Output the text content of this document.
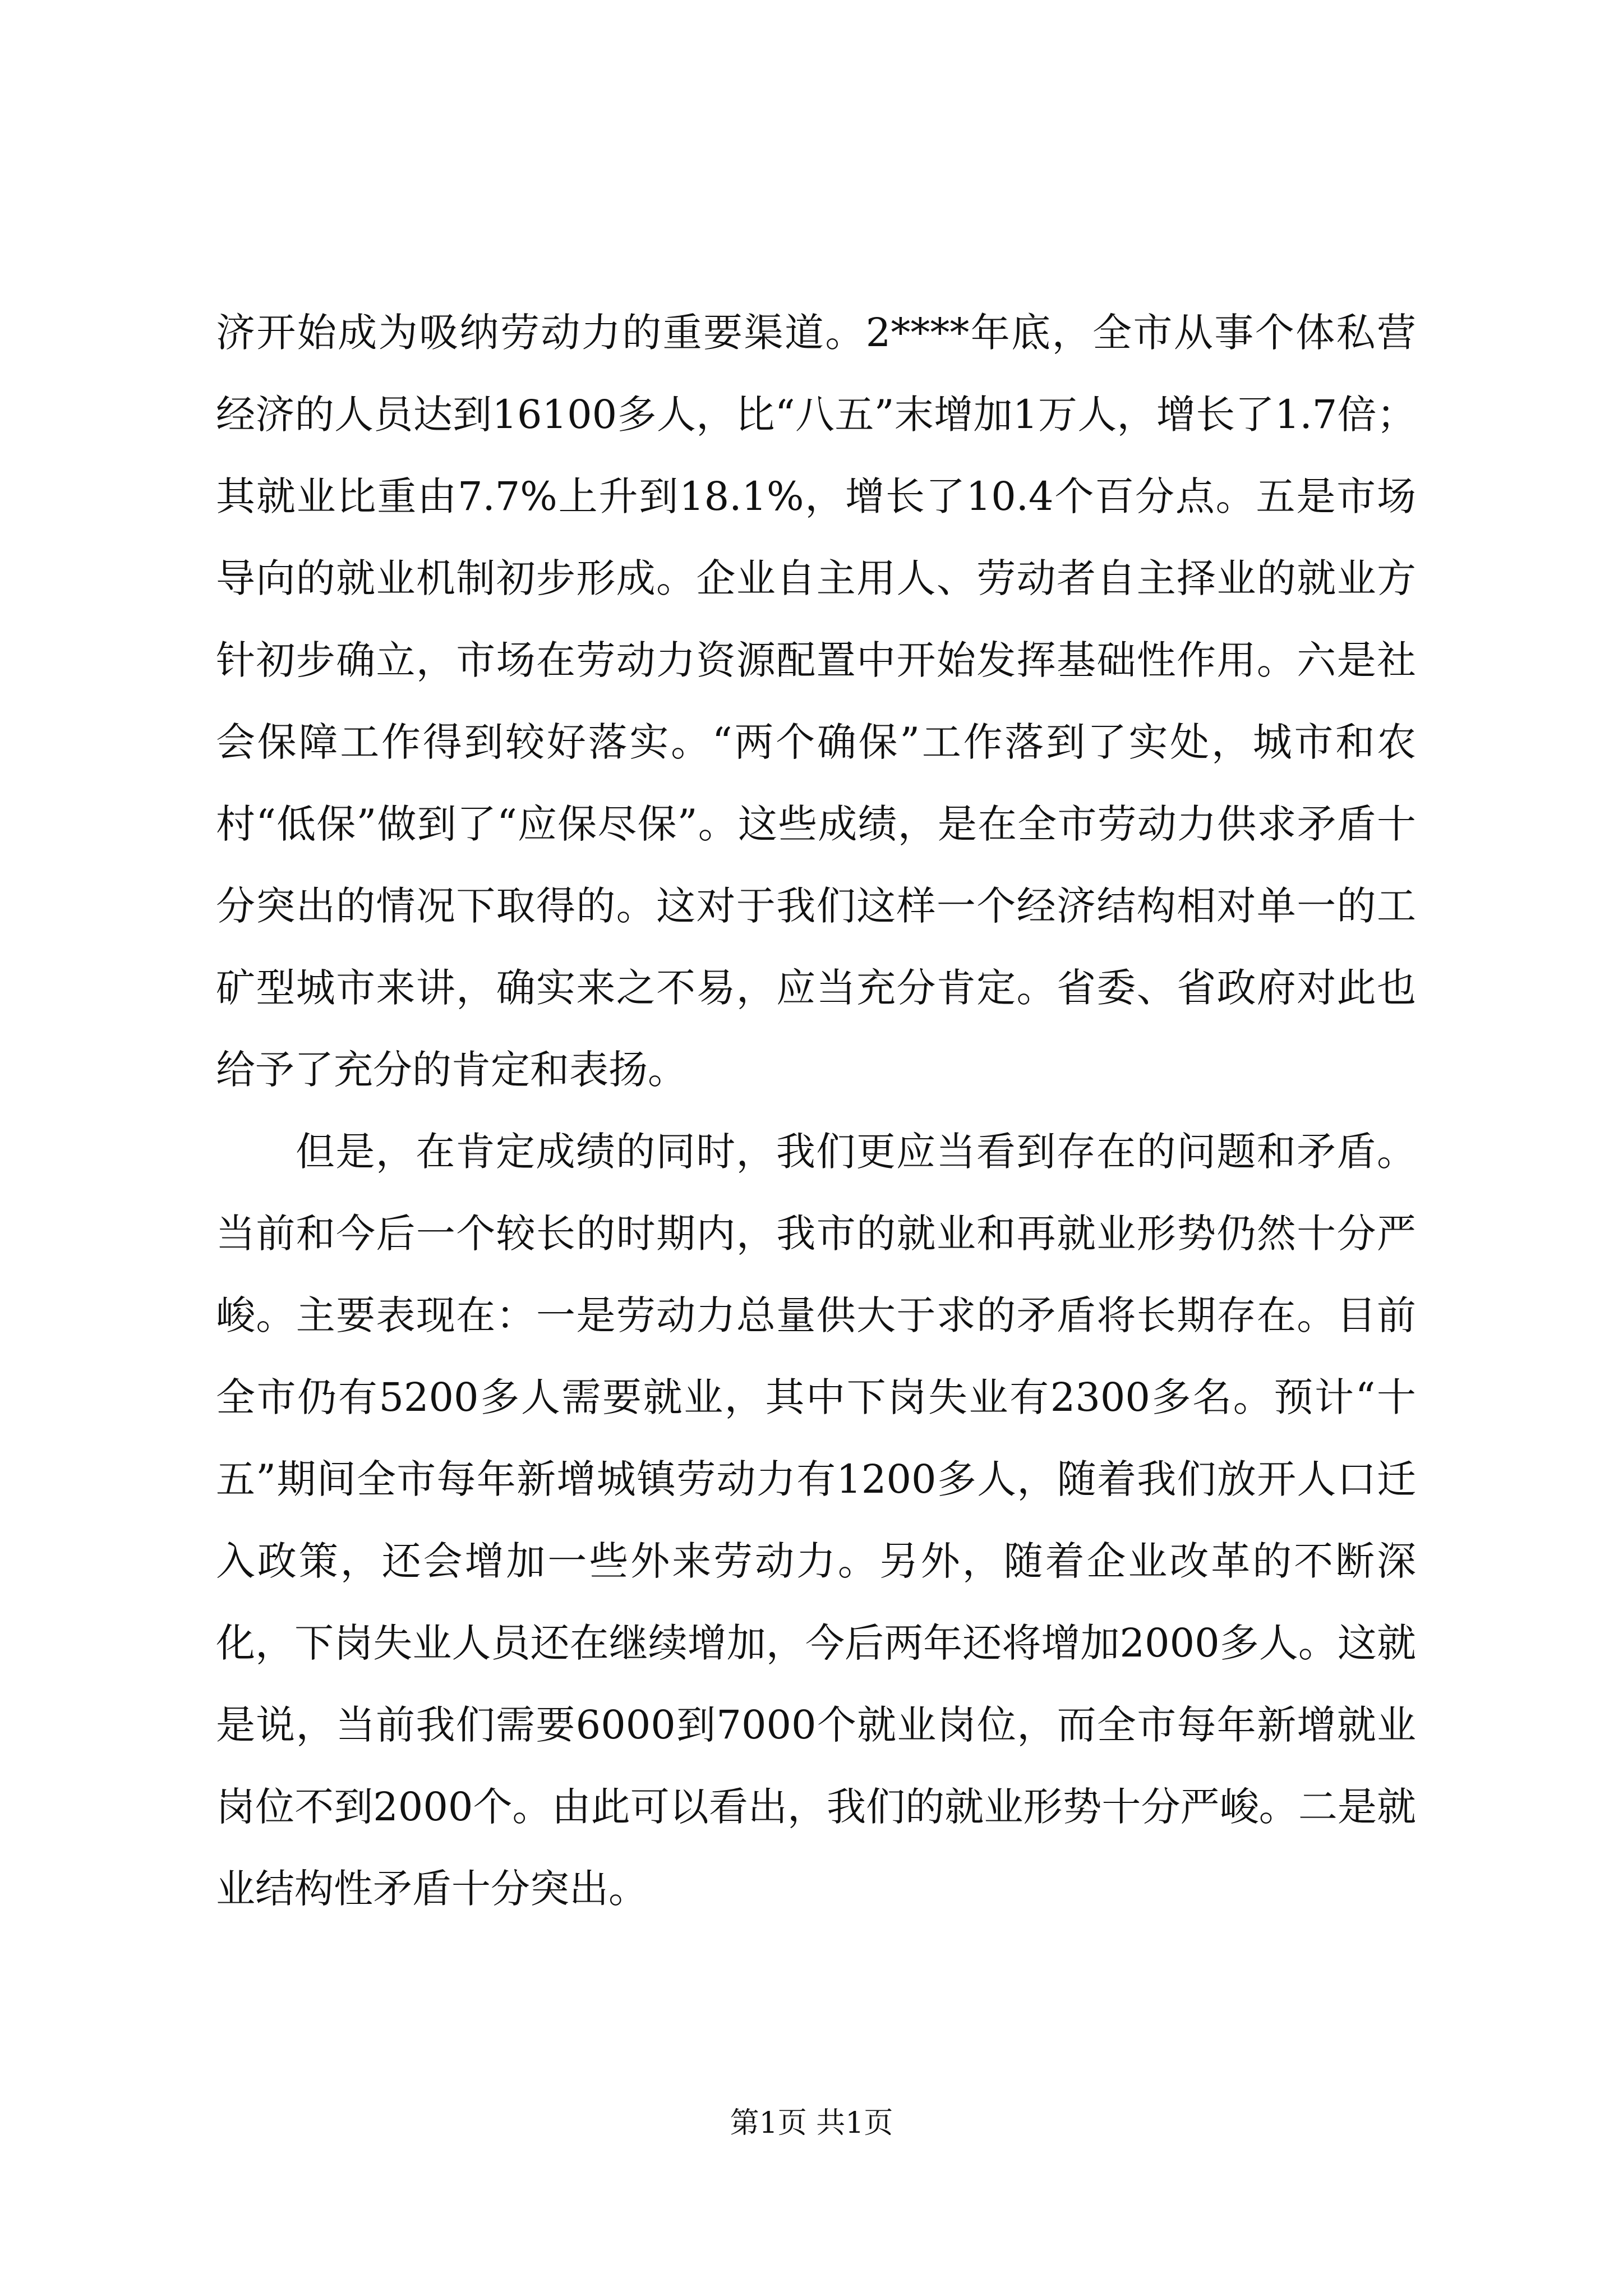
济开始成为吸纳劳动力的重要渠道。2****年底，全市从事个体私营经济的人员达到16100多人，比“八五”末增加1万人，增长了1.7倍；其就业比重由7.7%上升到18.1%，增长了10.4个百分点。五是市场导向的就业机制初步形成。企业自主用人、劳动者自主择业的就业方针初步确立，市场在劳动力资源配置中开始发挥基础性作用。六是社会保障工作得到较好落实。“两个确保”工作落到了实处，城市和农村“低保”做到了“应保尽保”。这些成绩，是在全市劳动力供求矛盾十分突出的情况下取得的。这对于我们这样一个经济结构相对单一的工矿型城市来讲，确实来之不易，应当充分肯定。省委、省政府对此也给予了充分的肯定和表扬。

但是，在肯定成绩的同时，我们更应当看到存在的问题和矛盾。当前和今后一个较长的时期内，我市的就业和再就业形势仍然十分严峻。主要表现在：一是劳动力总量供大于求的矛盾将长期存在。目前全市仍有5200多人需要就业，其中下岗失业有2300多名。预计“十五”期间全市每年新增城镇劳动力有1200多人，随着我们放开人口迁入政策，还会增加一些外来劳动力。另外，随着企业改革的不断深化，下岗失业人员还在继续增加，今后两年还将增加2000多人。这就是说，当前我们需要6000到7000个就业岗位，而全市每年新增就业岗位不到2000个。由此可以看出，我们的就业形势十分严峻。二是就业结构性矛盾十分突出。

第1页 共1页
